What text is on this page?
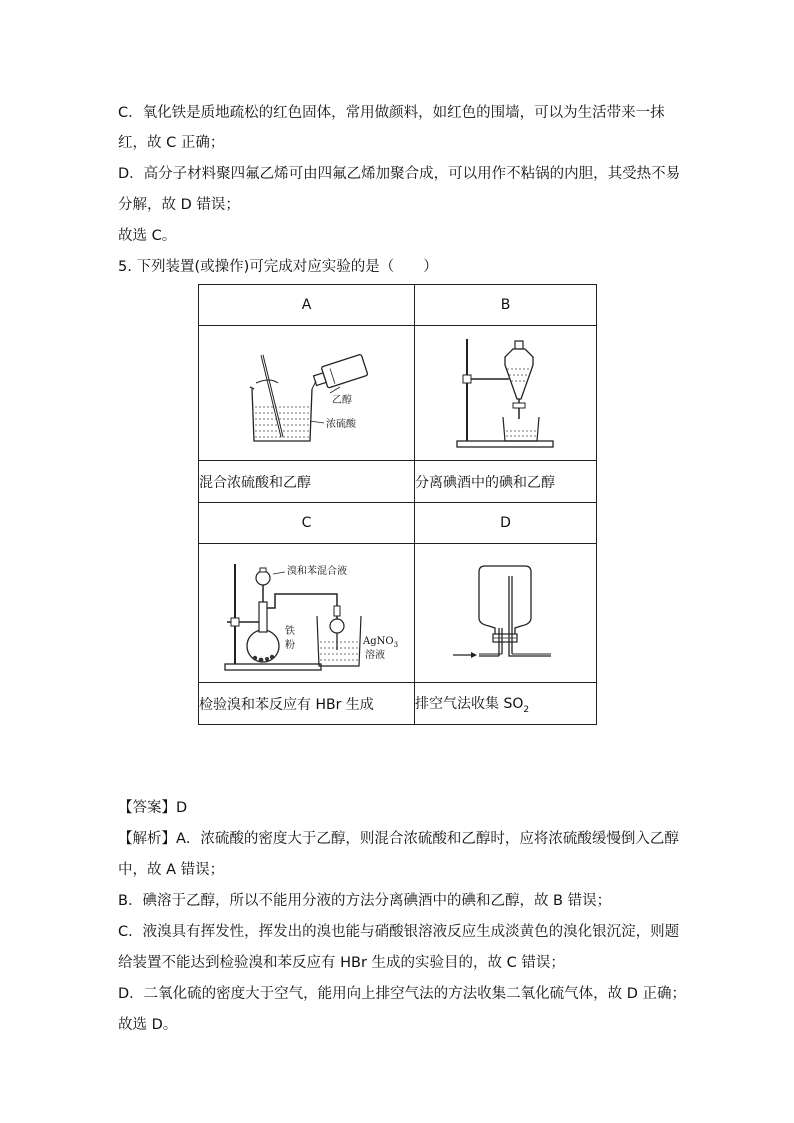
C．氧化铁是质地疏松的红色固体，常用做颜料，如红色的围墙，可以为生活带来一抹
红，故 C 正确；
D．高分子材料聚四氟乙烯可由四氟乙烯加聚合成，可以用作不粘锅的内胆，其受热不易
分解，故 D 错误；
故选 C。
5. 下列装置(或操作)可完成对应实验的是（　　）
A	B

乙醇
浓硫酸

混合浓硫酸和乙醇	分离碘酒中的碘和乙醇
C	D

溴和苯混合液
铁
粉 AgNO$_3$
溶液

检验溴和苯反应有 HBr 生成	排空气法收集 $SO_2$
【答案】D
【解析】A．浓硫酸的密度大于乙醇，则混合浓硫酸和乙醇时，应将浓硫酸缓慢倒入乙醇
中，故 A 错误；
B．碘溶于乙醇，所以不能用分液的方法分离碘酒中的碘和乙醇，故 B 错误；
C．液溴具有挥发性，挥发出的溴也能与硝酸银溶液反应生成淡黄色的溴化银沉淀，则题
给装置不能达到检验溴和苯反应有 HBr 生成的实验目的，故 C 错误；
D．二氧化硫的密度大于空气，能用向上排空气法的方法收集二氧化硫气体，故 D 正确；
故选 D。
